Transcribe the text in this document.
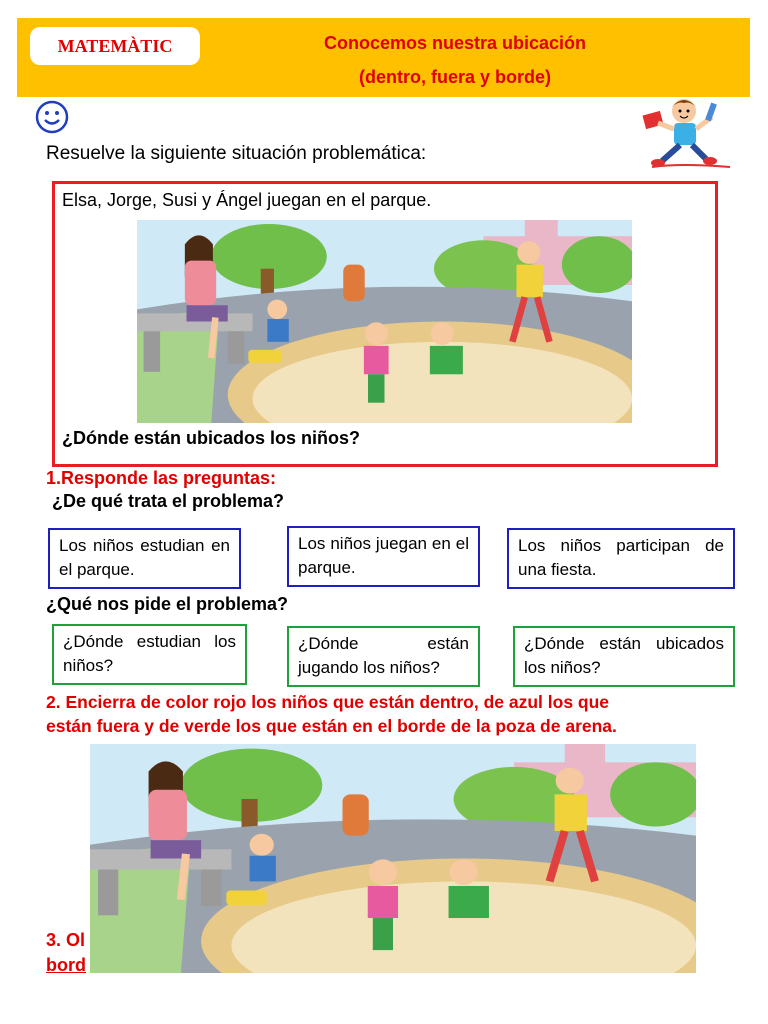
MATEMÀTIC	Conocemos nuestra ubicación
(dentro, fuera y borde)
Resuelve la siguiente situación problemática:
Elsa, Jorge, Susi y Ángel juegan en el parque.
¿Dónde están ubicados los niños?
1.Responde las preguntas:
¿De qué trata el problema?
Los niños estudian en el parque.
Los niños juegan en el parque.
Los niños participan de una fiesta.
¿Qué nos pide el problema?
¿Dónde estudian los niños?
¿Dónde están jugando los niños?
¿Dónde están ubicados los niños?
2. Encierra de color rojo los niños que están dentro, de azul los que
están fuera y de verde los que están en el borde de la poza de arena.
3. Ol
bord
